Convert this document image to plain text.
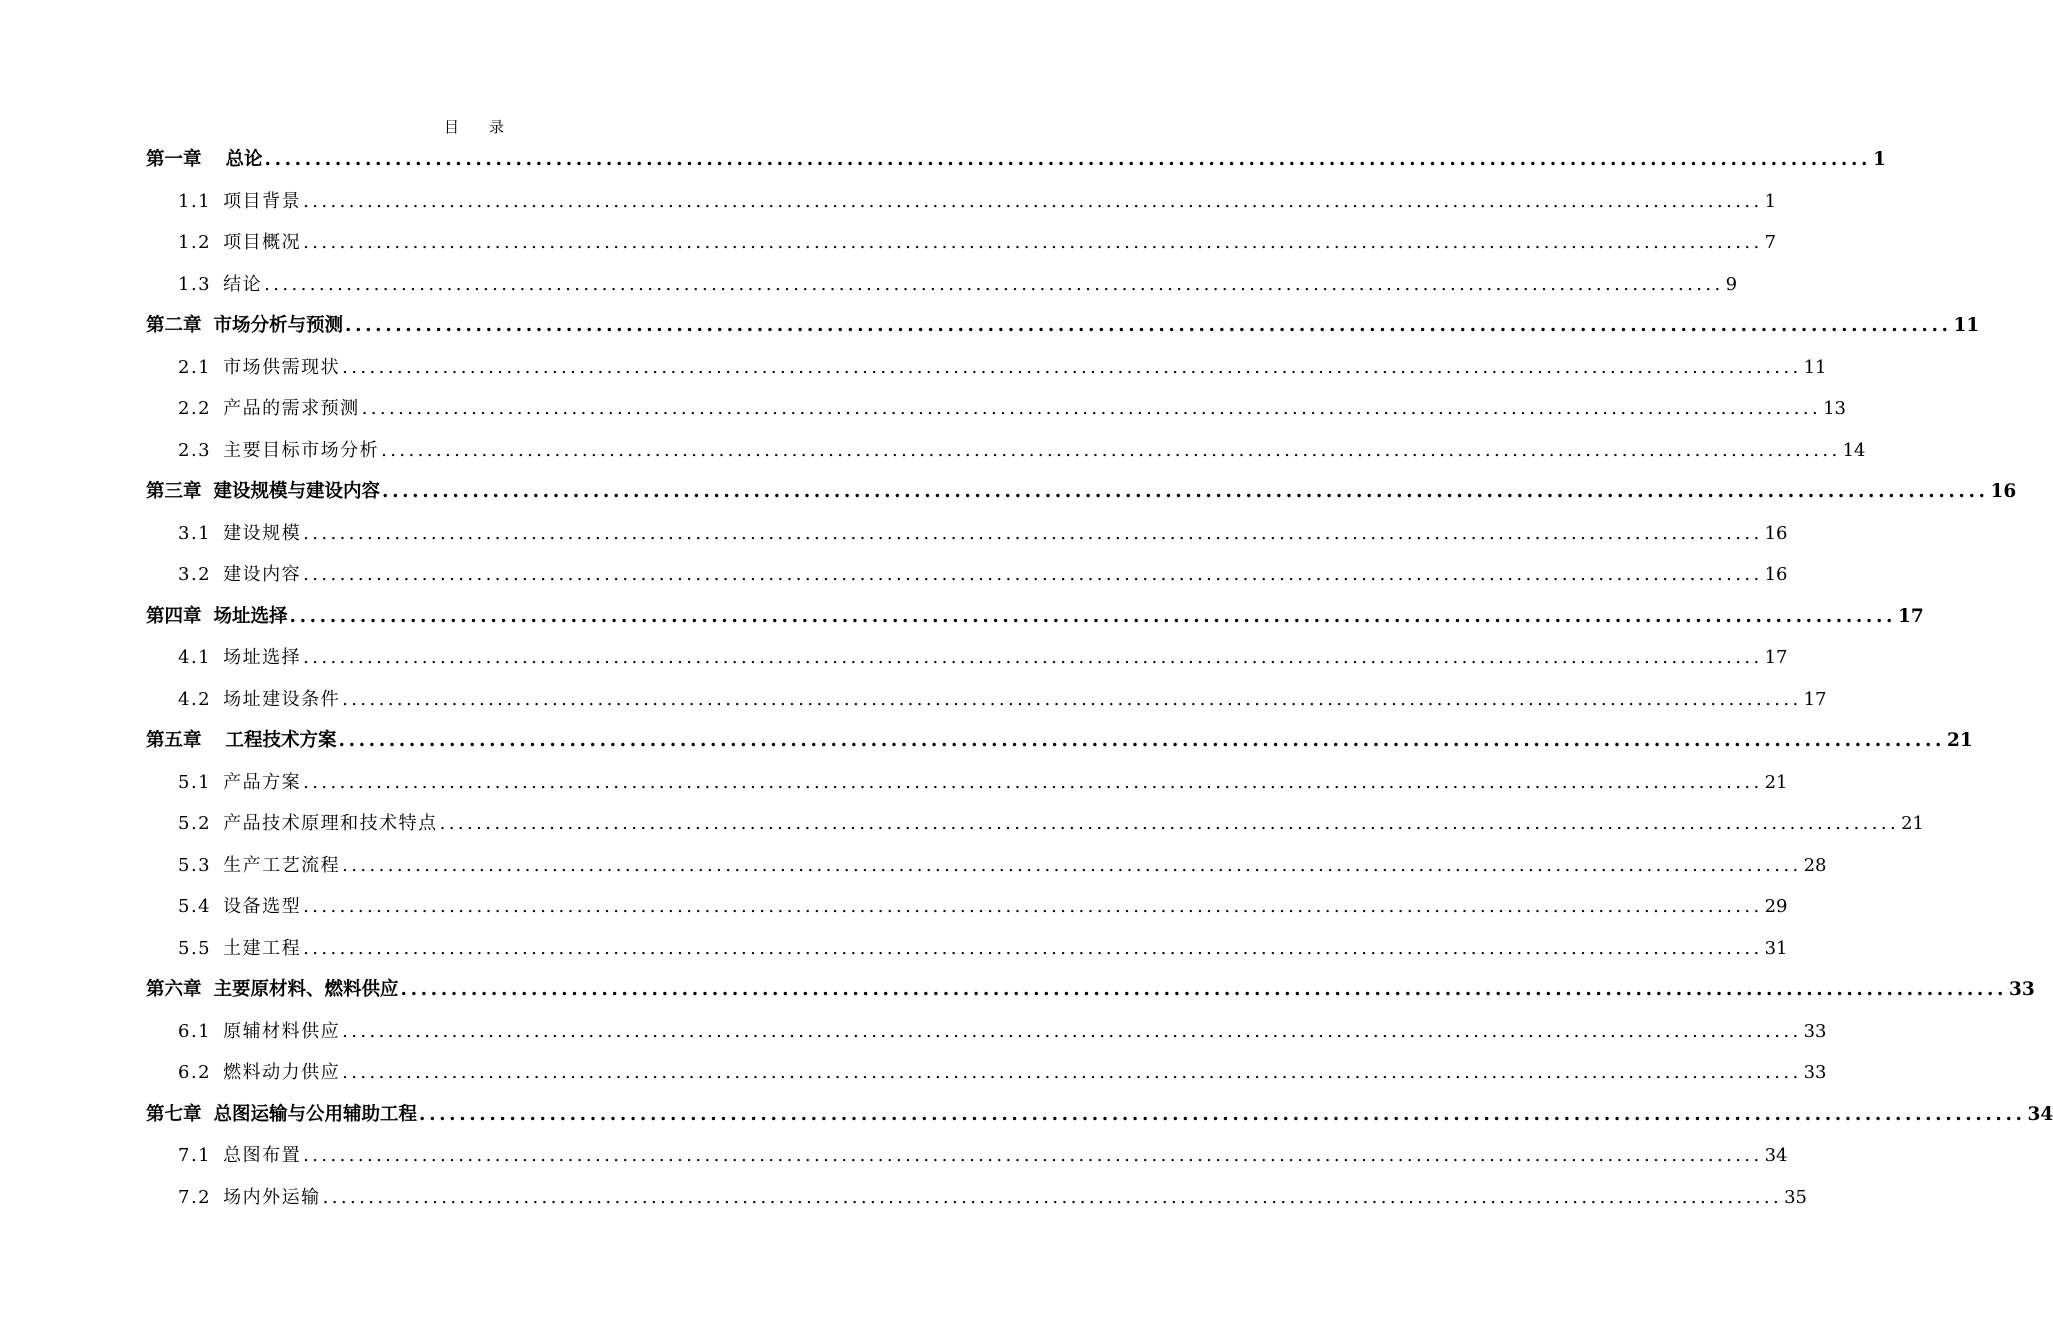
目 录
第一章 总论 ................................................................................................................................................................ 1
1.1 项目背景 ................................................................................................................................................................ 1
1.2 项目概况 ................................................................................................................................................................ 7
1.3 结论 ................................................................................................................................................................ 9
第二章 市场分析与预测 ................................................................................................................................................................ 11
2.1 市场供需现状 ................................................................................................................................................................ 11
2.2 产品的需求预测 ................................................................................................................................................................ 13
2.3 主要目标市场分析 ................................................................................................................................................................ 14
第三章 建设规模与建设内容 ................................................................................................................................................................ 16
3.1 建设规模 ................................................................................................................................................................ 16
3.2 建设内容 ................................................................................................................................................................ 16
第四章 场址选择 ................................................................................................................................................................ 17
4.1 场址选择 ................................................................................................................................................................ 17
4.2 场址建设条件 ................................................................................................................................................................ 17
第五章 工程技术方案 ................................................................................................................................................................ 21
5.1 产品方案 ................................................................................................................................................................ 21
5.2 产品技术原理和技术特点 ................................................................................................................................................................ 21
5.3 生产工艺流程 ................................................................................................................................................................ 28
5.4 设备选型 ................................................................................................................................................................ 29
5.5 土建工程 ................................................................................................................................................................ 31
第六章 主要原材料、燃料供应 ................................................................................................................................................................ 33
6.1 原辅材料供应 ................................................................................................................................................................ 33
6.2 燃料动力供应 ................................................................................................................................................................ 33
第七章 总图运输与公用辅助工程 ................................................................................................................................................................ 34
7.1 总图布置 ................................................................................................................................................................ 34
7.2 场内外运输 ................................................................................................................................................................ 35
